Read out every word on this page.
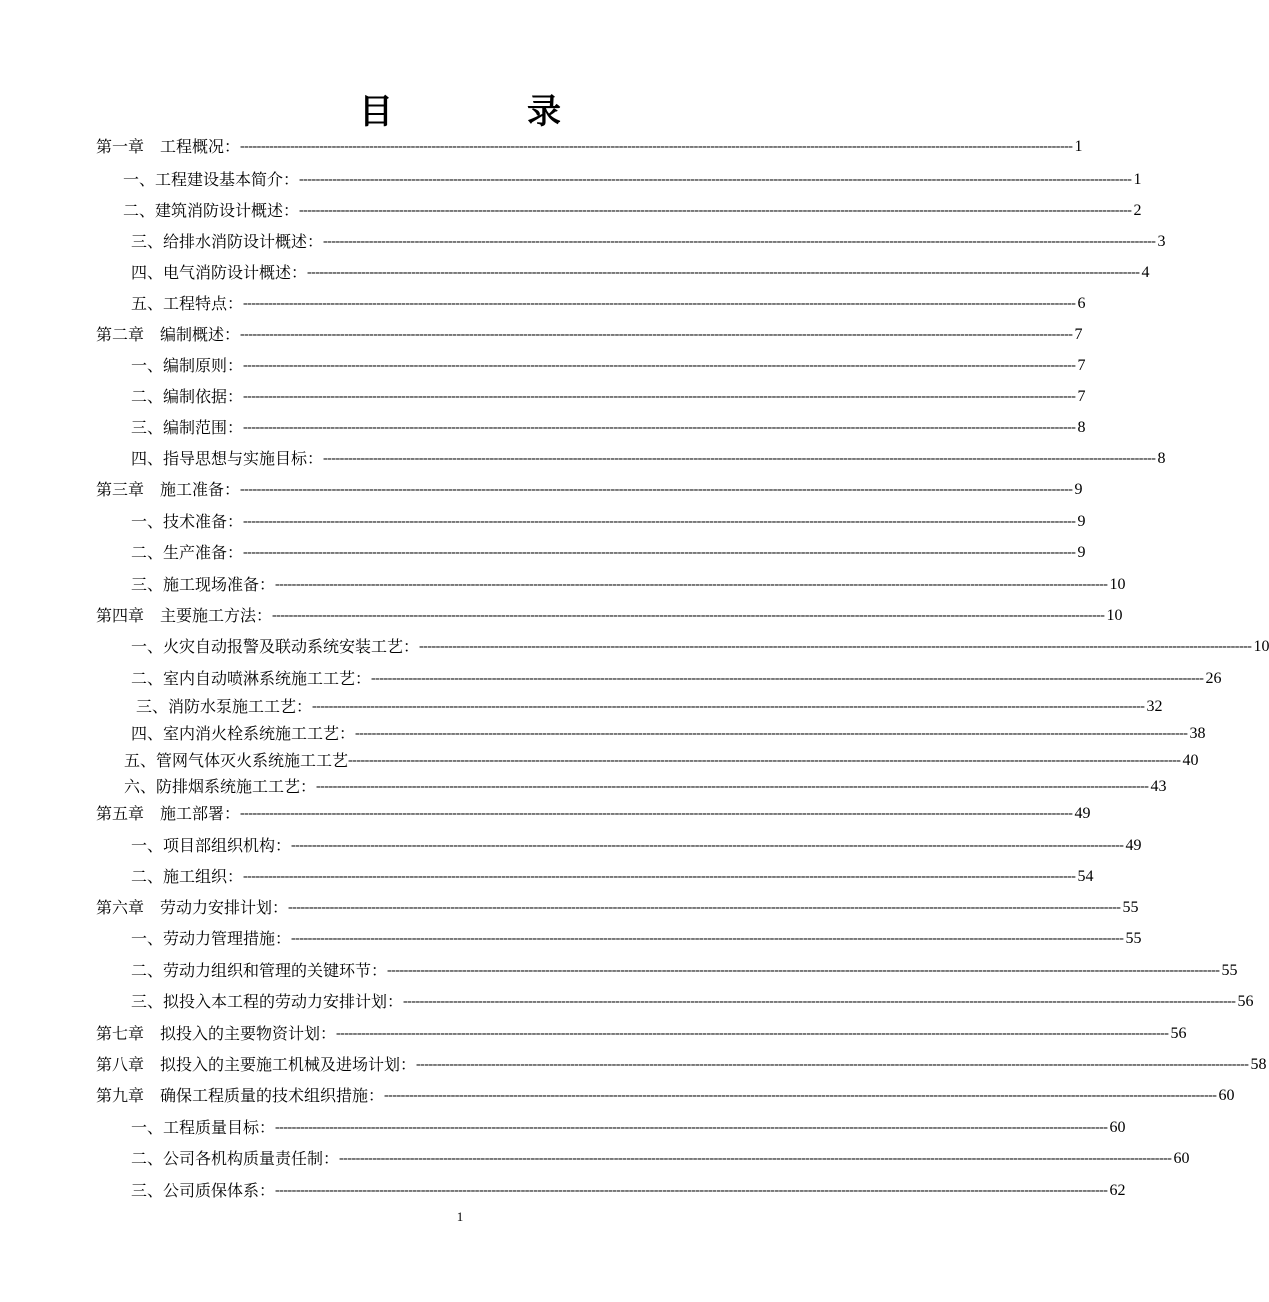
目　录
第一章　工程概况： -------------------------------------------------------------------------------------------------------------------------------------------------------------------------------------------------------- 1
一、工程建设基本简介： -------------------------------------------------------------------------------------------------------------------------------------------------------------------------------------------------------- 1
二、建筑消防设计概述： -------------------------------------------------------------------------------------------------------------------------------------------------------------------------------------------------------- 2
三、给排水消防设计概述： -------------------------------------------------------------------------------------------------------------------------------------------------------------------------------------------------------- 3
四、电气消防设计概述： -------------------------------------------------------------------------------------------------------------------------------------------------------------------------------------------------------- 4
五、工程特点： -------------------------------------------------------------------------------------------------------------------------------------------------------------------------------------------------------- 6
第二章　编制概述： -------------------------------------------------------------------------------------------------------------------------------------------------------------------------------------------------------- 7
一、编制原则： -------------------------------------------------------------------------------------------------------------------------------------------------------------------------------------------------------- 7
二、编制依据： -------------------------------------------------------------------------------------------------------------------------------------------------------------------------------------------------------- 7
三、编制范围： -------------------------------------------------------------------------------------------------------------------------------------------------------------------------------------------------------- 8
四、指导思想与实施目标： -------------------------------------------------------------------------------------------------------------------------------------------------------------------------------------------------------- 8
第三章　施工准备： -------------------------------------------------------------------------------------------------------------------------------------------------------------------------------------------------------- 9
一、技术准备： -------------------------------------------------------------------------------------------------------------------------------------------------------------------------------------------------------- 9
二、生产准备： -------------------------------------------------------------------------------------------------------------------------------------------------------------------------------------------------------- 9
三、施工现场准备： -------------------------------------------------------------------------------------------------------------------------------------------------------------------------------------------------------- 10
第四章　主要施工方法： -------------------------------------------------------------------------------------------------------------------------------------------------------------------------------------------------------- 10
一、火灾自动报警及联动系统安装工艺： -------------------------------------------------------------------------------------------------------------------------------------------------------------------------------------------------------- 10
二、室内自动喷淋系统施工工艺： -------------------------------------------------------------------------------------------------------------------------------------------------------------------------------------------------------- 26
三、消防水泵施工工艺： -------------------------------------------------------------------------------------------------------------------------------------------------------------------------------------------------------- 32
四、室内消火栓系统施工工艺： -------------------------------------------------------------------------------------------------------------------------------------------------------------------------------------------------------- 38
五、管网气体灭火系统施工工艺 -------------------------------------------------------------------------------------------------------------------------------------------------------------------------------------------------------- 40
六、防排烟系统施工工艺： -------------------------------------------------------------------------------------------------------------------------------------------------------------------------------------------------------- 43
第五章　施工部署： -------------------------------------------------------------------------------------------------------------------------------------------------------------------------------------------------------- 49
一、项目部组织机构： -------------------------------------------------------------------------------------------------------------------------------------------------------------------------------------------------------- 49
二、施工组织： -------------------------------------------------------------------------------------------------------------------------------------------------------------------------------------------------------- 54
第六章　劳动力安排计划： -------------------------------------------------------------------------------------------------------------------------------------------------------------------------------------------------------- 55
一、劳动力管理措施： -------------------------------------------------------------------------------------------------------------------------------------------------------------------------------------------------------- 55
二、劳动力组织和管理的关键环节： -------------------------------------------------------------------------------------------------------------------------------------------------------------------------------------------------------- 55
三、拟投入本工程的劳动力安排计划： -------------------------------------------------------------------------------------------------------------------------------------------------------------------------------------------------------- 56
第七章　拟投入的主要物资计划： -------------------------------------------------------------------------------------------------------------------------------------------------------------------------------------------------------- 56
第八章　拟投入的主要施工机械及进场计划： -------------------------------------------------------------------------------------------------------------------------------------------------------------------------------------------------------- 58
第九章　确保工程质量的技术组织措施： -------------------------------------------------------------------------------------------------------------------------------------------------------------------------------------------------------- 60
一、工程质量目标： -------------------------------------------------------------------------------------------------------------------------------------------------------------------------------------------------------- 60
二、公司各机构质量责任制： -------------------------------------------------------------------------------------------------------------------------------------------------------------------------------------------------------- 60
三、公司质保体系： -------------------------------------------------------------------------------------------------------------------------------------------------------------------------------------------------------- 62
1
